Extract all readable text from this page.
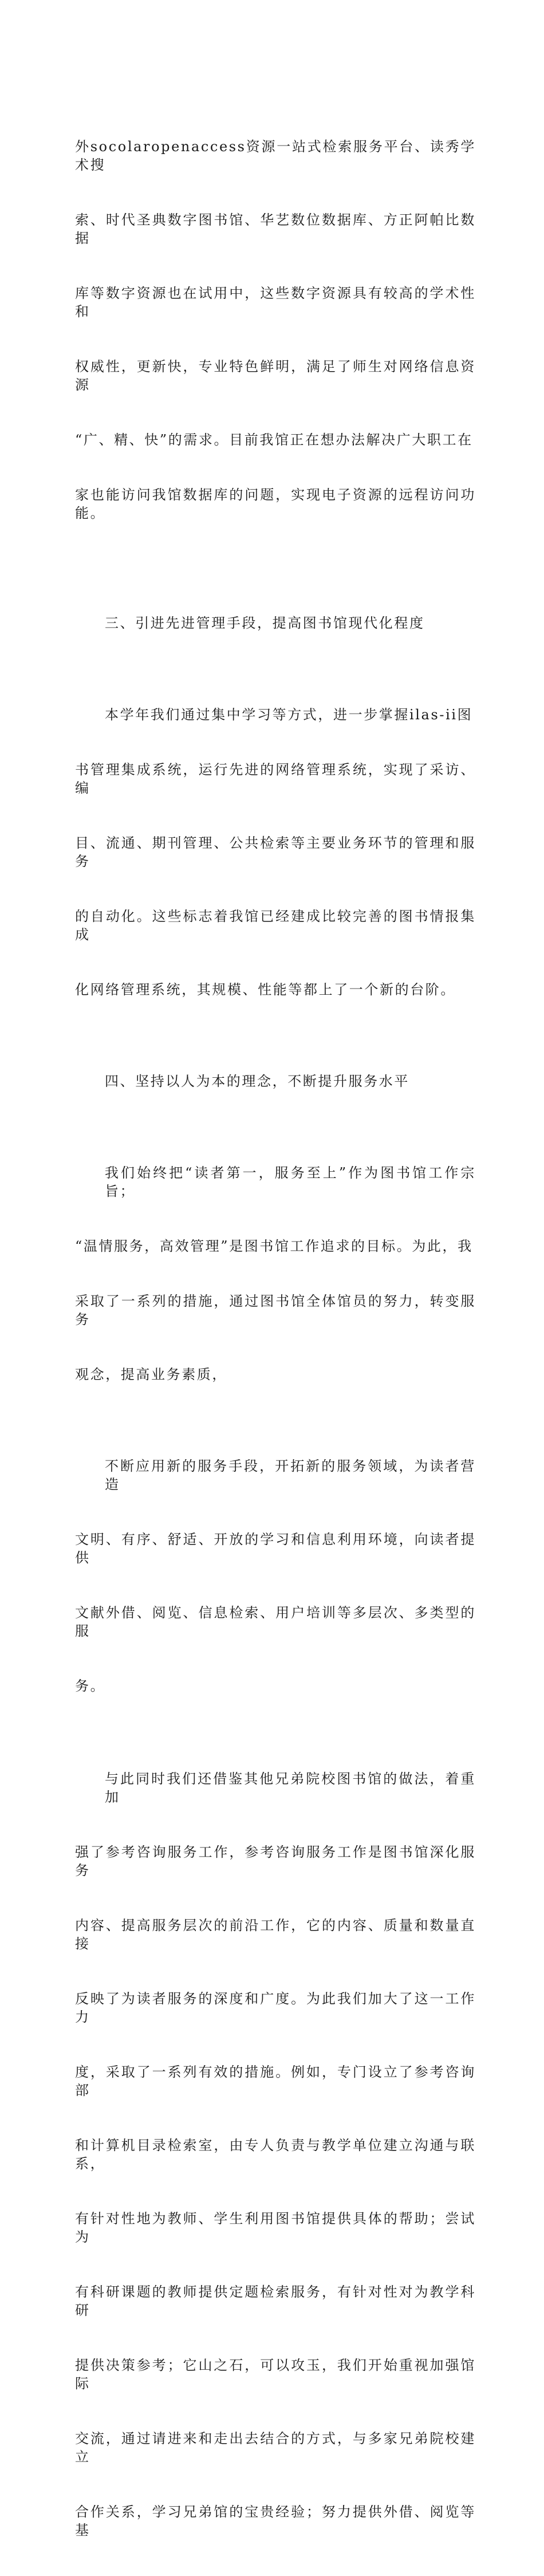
外socolaropenaccess资源一站式检索服务平台、读秀学术搜

索、时代圣典数字图书馆、华艺数位数据库、方正阿帕比数据

库等数字资源也在试用中，这些数字资源具有较高的学术性和

权威性，更新快，专业特色鲜明，满足了师生对网络信息资源

“广、精、快”的需求。目前我馆正在想办法解决广大职工在

家也能访问我馆数据库的问题，实现电子资源的远程访问功能。

三、引进先进管理手段，提高图书馆现代化程度

本学年我们通过集中学习等方式，进一步掌握ilas-ii图

书管理集成系统，运行先进的网络管理系统，实现了采访、编

目、流通、期刊管理、公共检索等主要业务环节的管理和服务

的自动化。这些标志着我馆已经建成比较完善的图书情报集成

化网络管理系统，其规模、性能等都上了一个新的台阶。

四、坚持以人为本的理念，不断提升服务水平

我们始终把“读者第一，服务至上”作为图书馆工作宗旨；

“温情服务，高效管理”是图书馆工作追求的目标。为此，我

采取了一系列的措施，通过图书馆全体馆员的努力，转变服务

观念，提高业务素质，

不断应用新的服务手段，开拓新的服务领域，为读者营造

文明、有序、舒适、开放的学习和信息利用环境，向读者提供

文献外借、阅览、信息检索、用户培训等多层次、多类型的服

务。

与此同时我们还借鉴其他兄弟院校图书馆的做法，着重加

强了参考咨询服务工作，参考咨询服务工作是图书馆深化服务

内容、提高服务层次的前沿工作，它的内容、质量和数量直接

反映了为读者服务的深度和广度。为此我们加大了这一工作力

度，采取了一系列有效的措施。例如，专门设立了参考咨询部

和计算机目录检索室，由专人负责与教学单位建立沟通与联系，

有针对性地为教师、学生利用图书馆提供具体的帮助；尝试为

有科研课题的教师提供定题检索服务，有针对性对为教学科研

提供决策参考；它山之石，可以攻玉，我们开始重视加强馆际

交流，通过请进来和走出去结合的方式，与多家兄弟院校建立

合作关系，学习兄弟馆的宝贵经验；努力提供外借、阅览等基
